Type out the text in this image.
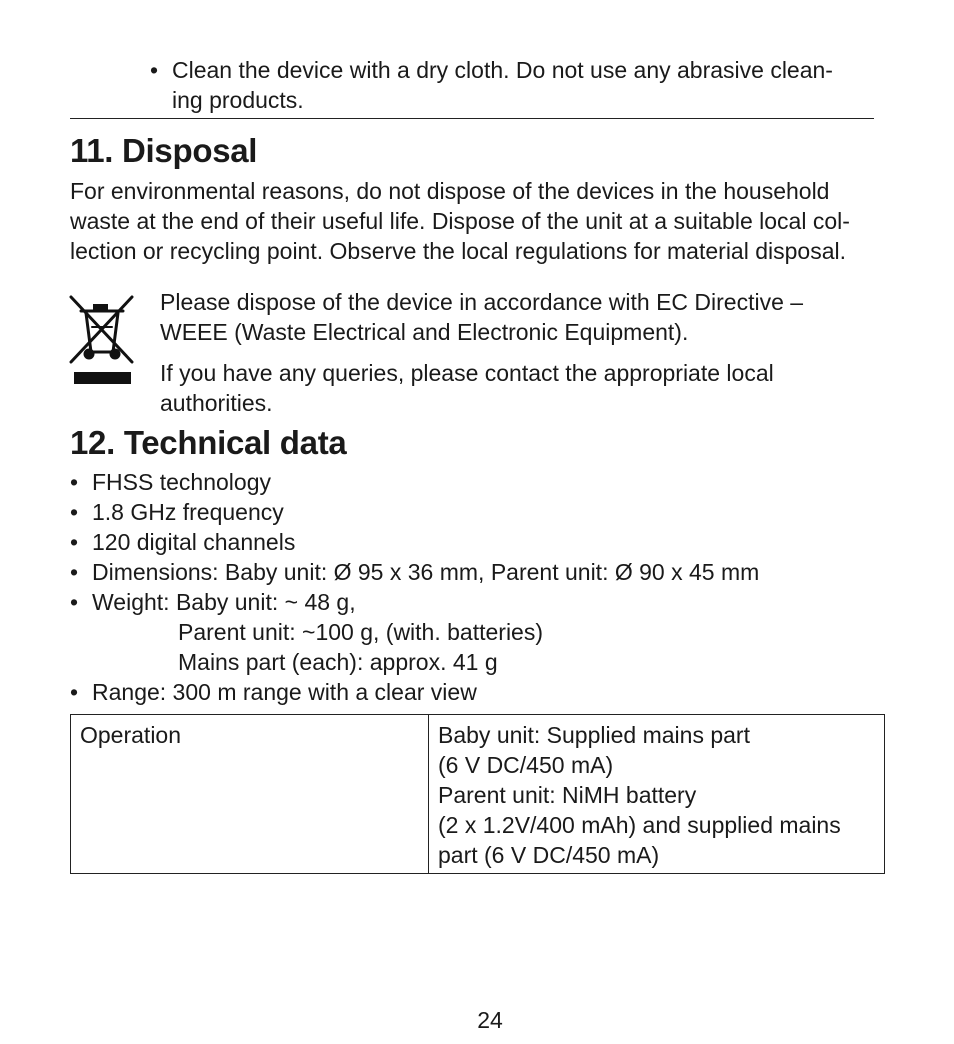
• Clean the device with a dry cloth. Do not use any abrasive clean-
ing products.
11. Disposal
For environmental reasons, do not dispose of the devices in the household
waste at the end of their useful life. Dispose of the unit at a suitable local col-
lection or recycling point. Observe the local regulations for material disposal.
Please dispose of the device in accordance with EC Directive –
WEEE (Waste Electrical and Electronic Equipment).
If you have any queries, please contact the appropriate local
authorities.
12. Technical data
• FHSS technology
• 1.8 GHz frequency
• 120 digital channels
• Dimensions: Baby unit: Ø 95 x 36 mm, Parent unit: Ø 90 x 45 mm
• Weight: Baby unit: ~ 48 g,
Parent unit: ~100 g, (with. batteries)
Mains part (each): approx. 41 g
• Range: 300 m range with a clear view
Operation	Baby unit: Supplied mains part
(6 V DC/450 mA)
Parent unit: NiMH battery
(2 x 1.2V/400 mAh) and supplied mains
part (6 V DC/450 mA)
24
